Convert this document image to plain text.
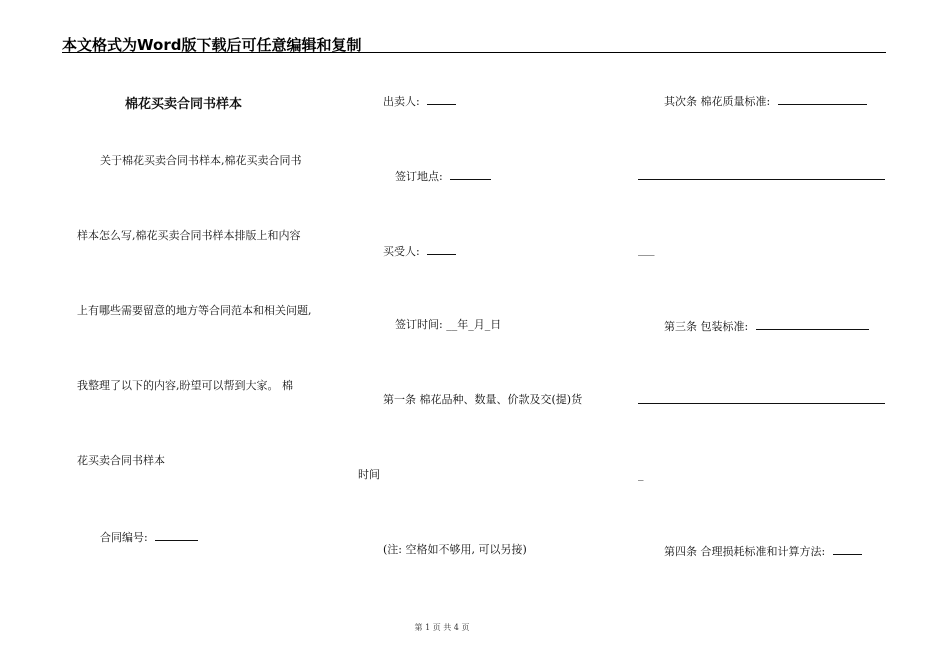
本文格式为Word版下载后可任意编辑和复制
棉花买卖合同书样本
关于棉花买卖合同书样本,棉花买卖合同书
样本怎么写,棉花买卖合同书样本排版上和内容
上有哪些需要留意的地方等合同范本和相关问题,
我整理了以下的内容,盼望可以帮到大家。 棉
花买卖合同书样本
合同编号:
出卖人:
签订地点:
买受人:
签订时间: __年_月_日
第一条 棉花品种、数量、价款及交(提)货
时间
(注: 空格如不够用, 可以另接)
其次条 棉花质量标准:
___
第三条 包装标准:
_
第四条 合理损耗标准和计算方法:
第 1 页 共 4 页
